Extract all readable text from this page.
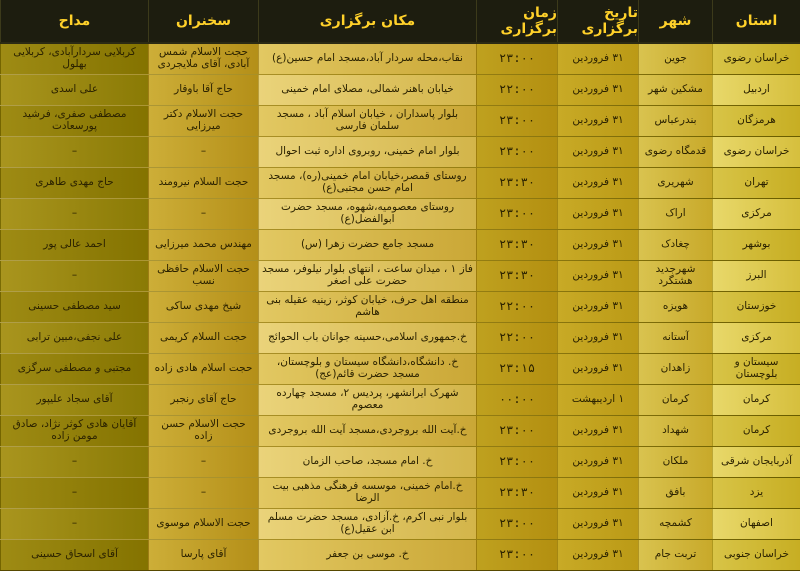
استان
شهر
تاریخ برگزاری
زمان برگزاری
مکان برگزاری
سخنران
مداح
خراسان رضوی
جوین
۳۱ فروردین
۲۳:۰۰
نقاب،محله سردار آباد،مسجد امام حسین(ع)
حجت الاسلام شمس آبادی، آقای ملایجردی
کربلایی سردارآبادی، کربلایی بهلول
اردبیل
مشکین شهر
۳۱ فروردین
۲۲:۰۰
خیابان باهنر شمالی، مصلای امام خمینی
حاج آقا باوقار
علی اسدی
هرمزگان
بندرعباس
۳۱ فروردین
۲۳:۰۰
بلوار پاسداران ، خیابان اسلام آباد ، مسجد سلمان فارسی
حجت الاسلام دکتر میرزایی
مصطفی صفری، فرشید پورسعادت
خراسان رضوی
قدمگاه رضوی
۳۱ فروردین
۲۳:۰۰
بلوار امام خمینی، روبروی اداره ثبت احوال
–
–
تهران
شهریری
۳۱ فروردین
۲۳:۳۰
روستای قمصر،خیابان امام خمینی(ره)، مسجد امام حسن مجتبی(ع)
حجت السلام نیرومند
حاج مهدی طاهری
مرکزی
اراک
۳۱ فروردین
۲۳:۰۰
روستای معصومیه،شهوه، مسجد حضرت ابوالفضل(ع)
–
–
بوشهر
چغادک
۳۱ فروردین
۲۳:۳۰
مسجد جامع حضرت زهرا (س)
مهندس محمد میرزایی
احمد عالی پور
البرز
شهرجدید هشتگرد
۳۱ فروردین
۲۳:۳۰
فاز ۱ ، میدان ساعت ، انتهای بلوار نیلوفر، مسجد حضرت علی اصغر
حجت الاسلام حافظی نسب
–
خوزستان
هویزه
۳۱ فروردین
۲۲:۰۰
منطقه اهل حرف، خیابان کوثر، زینیه عقیله بنی هاشم
شیخ مهدی ساکی
سید مصطفی حسینی
مرکزی
آستانه
۳۱ فروردین
۲۲:۰۰
خ.جمهوری اسلامی،حسینه جوانان باب الحوائج
حجت السلام کریمی
علی نجفی،مبین ترابی
سیستان و بلوچستان
زاهدان
۳۱ فروردین
۲۳:۱۵
خ. دانشگاه،دانشگاه سیستان و بلوچستان، مسجد حضرت قائم(عج)
حجت اسلام هادی زاده
مجتبی و مصطفی سرگزی
کرمان
کرمان
۱ اردیبهشت
۰۰:۰۰
شهرک ایرانشهر، پردیس ۲، مسجد چهارده معصوم
حاج آقای رنجبر
آقای سجاد علیپور
کرمان
شهداد
۳۱ فروردین
۲۳:۰۰
خ.آیت الله بروجردی،مسجد آیت الله بروجردی
حجت الاسلام حسن زاده
آقایان هادی کوثر نژاد، صادق مومن زاده
آذربایجان شرقی
ملکان
۳۱ فروردین
۲۳:۰۰
خ. امام مسجد، صاحب الزمان
–
–
یزد
بافق
۳۱ فروردین
۲۳:۳۰
خ.امام خمینی، موسسه فرهنگی مذهبی بیت الرضا
–
–
اصفهان
کشمچه
۳۱ فروردین
۲۳:۰۰
بلوار نبی اکرم، خ.آزادی، مسجد حضرت مسلم ابن عقیل(ع)
حجت الاسلام موسوی
–
خراسان جنوبی
تربت جام
۳۱ فروردین
۲۳:۰۰
خ. موسی بن جعفر
آقای پارسا
آقای اسحاق حسینی
